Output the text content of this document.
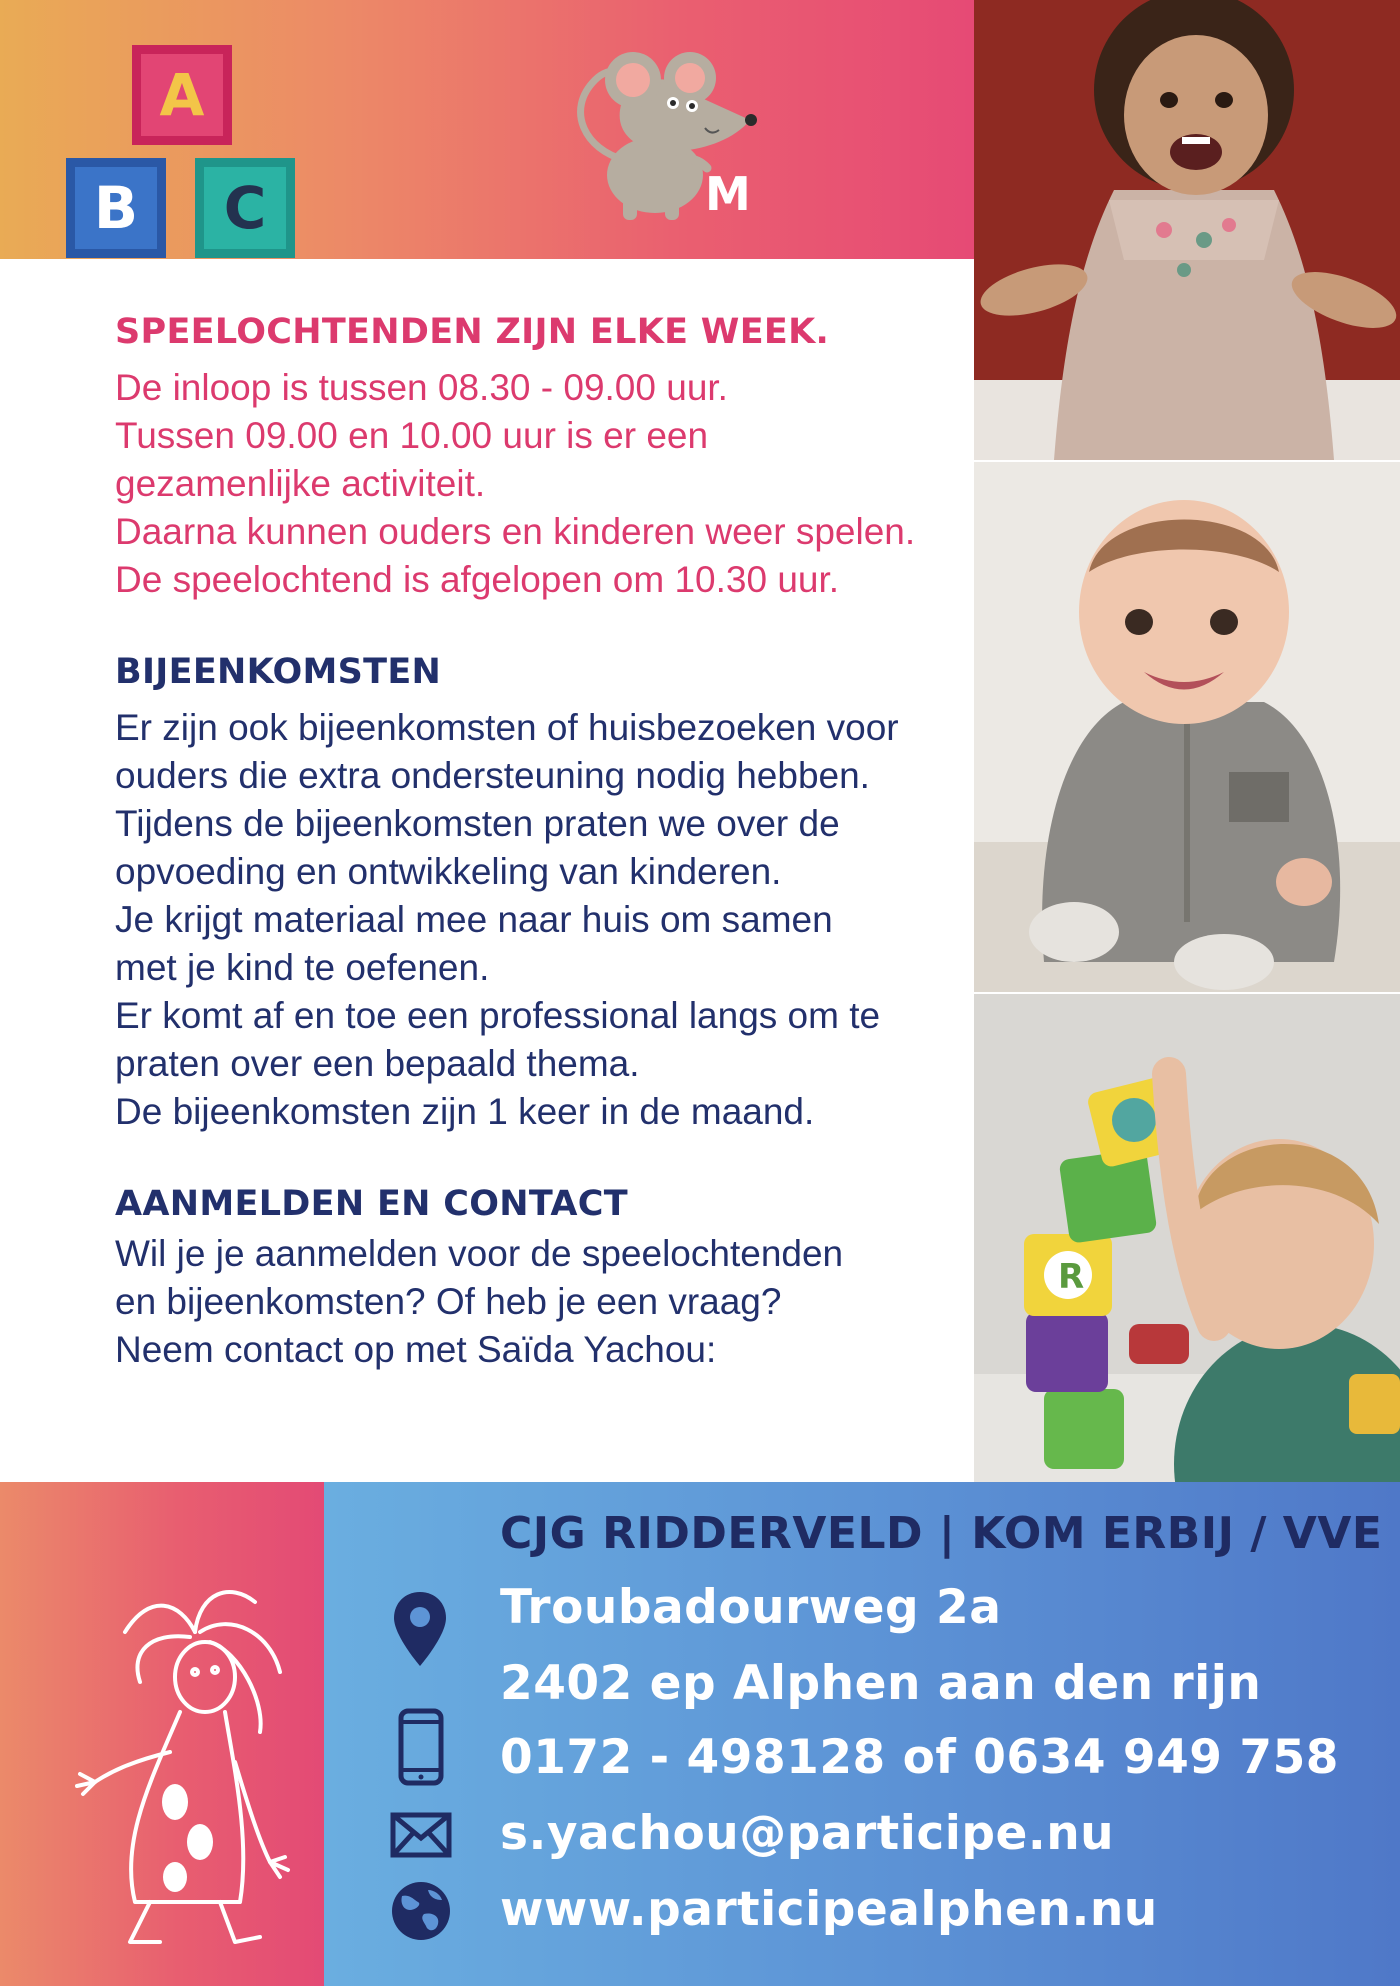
A
B	C	M
R
SPEELOCHTENDEN ZIJN ELKE WEEK.
De inloop is tussen 08.30 - 09.00 uur.
Tussen 09.00 en 10.00 uur is er een
gezamenlijke activiteit.
Daarna kunnen ouders en kinderen weer spelen.
De speelochtend is afgelopen om 10.30 uur.
BIJEENKOMSTEN
Er zijn ook bijeenkomsten of huisbezoeken voor
ouders die extra ondersteuning nodig hebben.
Tijdens de bijeenkomsten praten we over de
opvoeding en ontwikkeling van kinderen.
Je krijgt materiaal mee naar huis om samen
met je kind te oefenen.
Er komt af en toe een professional langs om te
praten over een bepaald thema.
De bijeenkomsten zijn 1 keer in de maand.
AANMELDEN EN CONTACT
Wil je je aanmelden voor de speelochtenden
en bijeenkomsten? Of heb je een vraag?
Neem contact op met Saïda Yachou:
CJG RIDDERVELD | KOM ERBIJ / VVE
Troubadourweg 2a
2402 ep Alphen aan den rijn
0172 - 498128 of 0634 949 758
s.yachou@participe.nu
www.participealphen.nu
